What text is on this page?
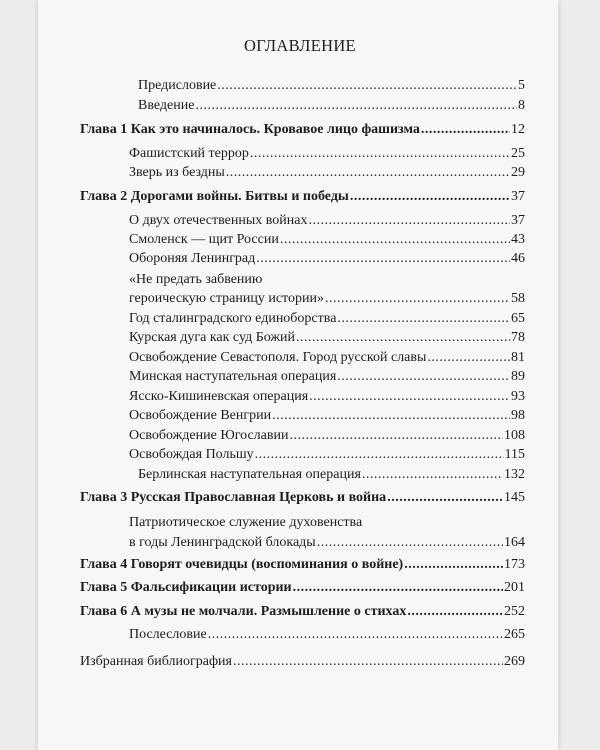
ОГЛАВЛЕНИЕ
Предисловие .....	5
Введение .....	8
Глава 1 Как это начиналось. Кровавое лицо фашизма .....	12
Фашистский террор .....	25
Зверь из бездны .....	29
Глава 2 Дорогами войны. Битвы и победы .....	37
О двух отечественных войнах .....	37
Смоленск — щит России .....	43
Обороняя Ленинград .....	46
«Не предать забвению
героическую страницу истории» .....	58
Год сталинградского единоборства .....	65
Курская дуга как суд Божий .....	78
Освобождение Севастополя. Город русской славы .....	81
Минская наступательная операция .....	89
Ясско-Кишиневская операция .....	93
Освобождение Венгрии .....	98
Освобождение Югославии .....	108
Освобождая Польшу .....	115
Берлинская наступательная операция .....	132
Глава 3 Русская Православная Церковь и война .....	145
Патриотическое служение духовенства
в годы Ленинградской блокады .....	164
Глава 4 Говорят очевидцы (воспоминания о войне) .....	173
Глава 5 Фальсификации истории .....	201
Глава 6 А музы не молчали. Размышление о стихах .....	252
Послесловие .....	265
Избранная библиография .....	269
